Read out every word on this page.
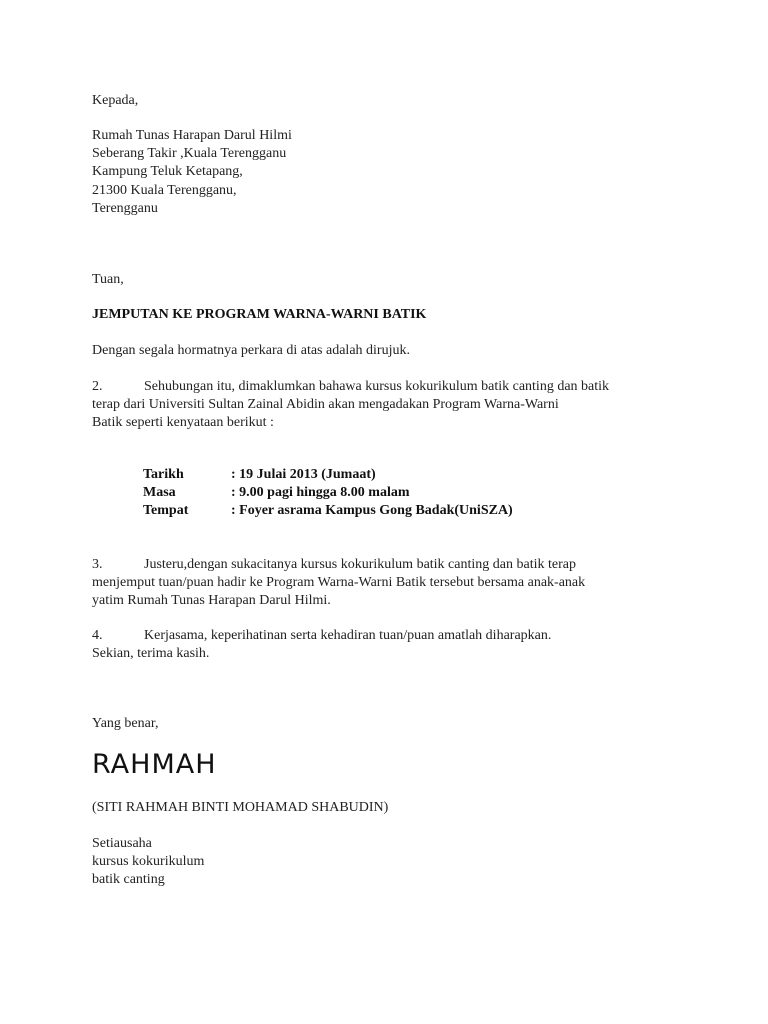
Kepada,
Rumah Tunas Harapan Darul Hilmi
Seberang Takir ,Kuala Terengganu
Kampung Teluk Ketapang,
21300 Kuala Terengganu,
Terengganu
Tuan,
JEMPUTAN KE PROGRAM WARNA-WARNI BATIK
Dengan segala hormatnya perkara di atas adalah dirujuk.
2.	Sehubungan itu, dimaklumkan bahawa kursus kokurikulum batik canting dan batik
terap dari Universiti Sultan Zainal Abidin akan mengadakan Program Warna-Warni
Batik seperti kenyataan berikut :
Tarikh	: 19 Julai 2013 (Jumaat)
Masa	: 9.00 pagi hingga 8.00 malam
Tempat	: Foyer asrama Kampus Gong Badak(UniSZA)
3.	Justeru,dengan sukacitanya kursus kokurikulum batik canting dan batik terap
menjemput tuan/puan hadir ke Program Warna-Warni Batik tersebut bersama anak-anak
yatim Rumah Tunas Harapan Darul Hilmi.
4.	Kerjasama, keperihatinan serta kehadiran tuan/puan amatlah diharapkan.
Sekian, terima kasih.
Yang benar,
RAHMAH
(SITI RAHMAH BINTI MOHAMAD SHABUDIN)
Setiausaha
kursus kokurikulum
batik canting
